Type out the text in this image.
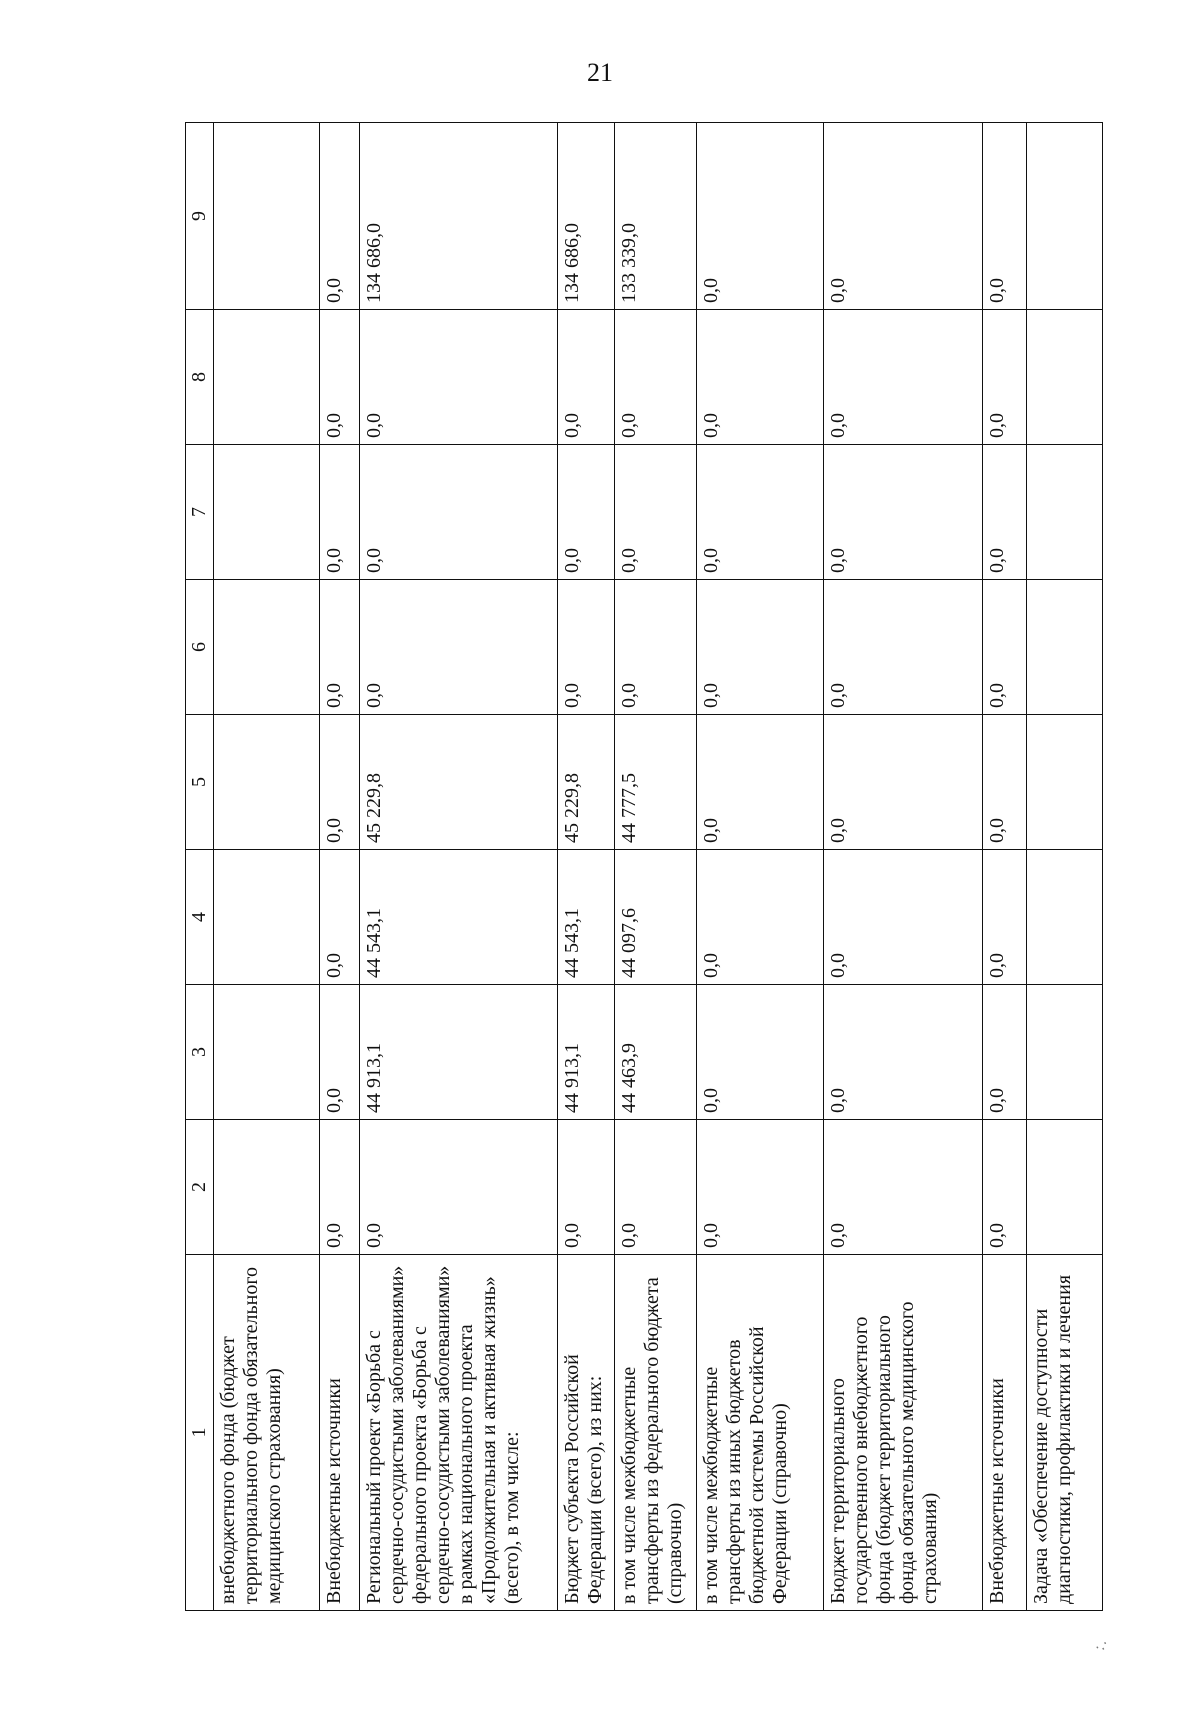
21
1	2	3	4	5	6	7	8	9
внебюджетного фонда (бюджет территориального фонда обязательного медицинского страхования)								
Внебюджетные источники	0,0	0,0	0,0	0,0	0,0	0,0	0,0	0,0
Региональный проект «Борьба с сердечно-сосудистыми заболеваниями» федерального проекта «Борьба с сердечно-сосудистыми заболеваниями» в рамках национального проекта «Продолжительная и активная жизнь» (всего), в том числе:	0,0	44 913,1	44 543,1	45 229,8	0,0	0,0	0,0	134 686,0
Бюджет субъекта Российской Федерации (всего), из них:	0,0	44 913,1	44 543,1	45 229,8	0,0	0,0	0,0	134 686,0
в том числе межбюджетные трансферты из федерального бюджета (справочно)	0,0	44 463,9	44 097,6	44 777,5	0,0	0,0	0,0	133 339,0
в том числе межбюджетные трансферты из иных бюджетов бюджетной системы Российской Федерации (справочно)	0,0	0,0	0,0	0,0	0,0	0,0	0,0	0,0
Бюджет территориального государственного внебюджетного фонда (бюджет территориального фонда обязательного медицинского страхования)	0,0	0,0	0,0	0,0	0,0	0,0	0,0	0,0
Внебюджетные источники	0,0	0,0	0,0	0,0	0,0	0,0	0,0	0,0
Задача «Обеспечение доступности диагностики, профилактики и лечения								
·.·
